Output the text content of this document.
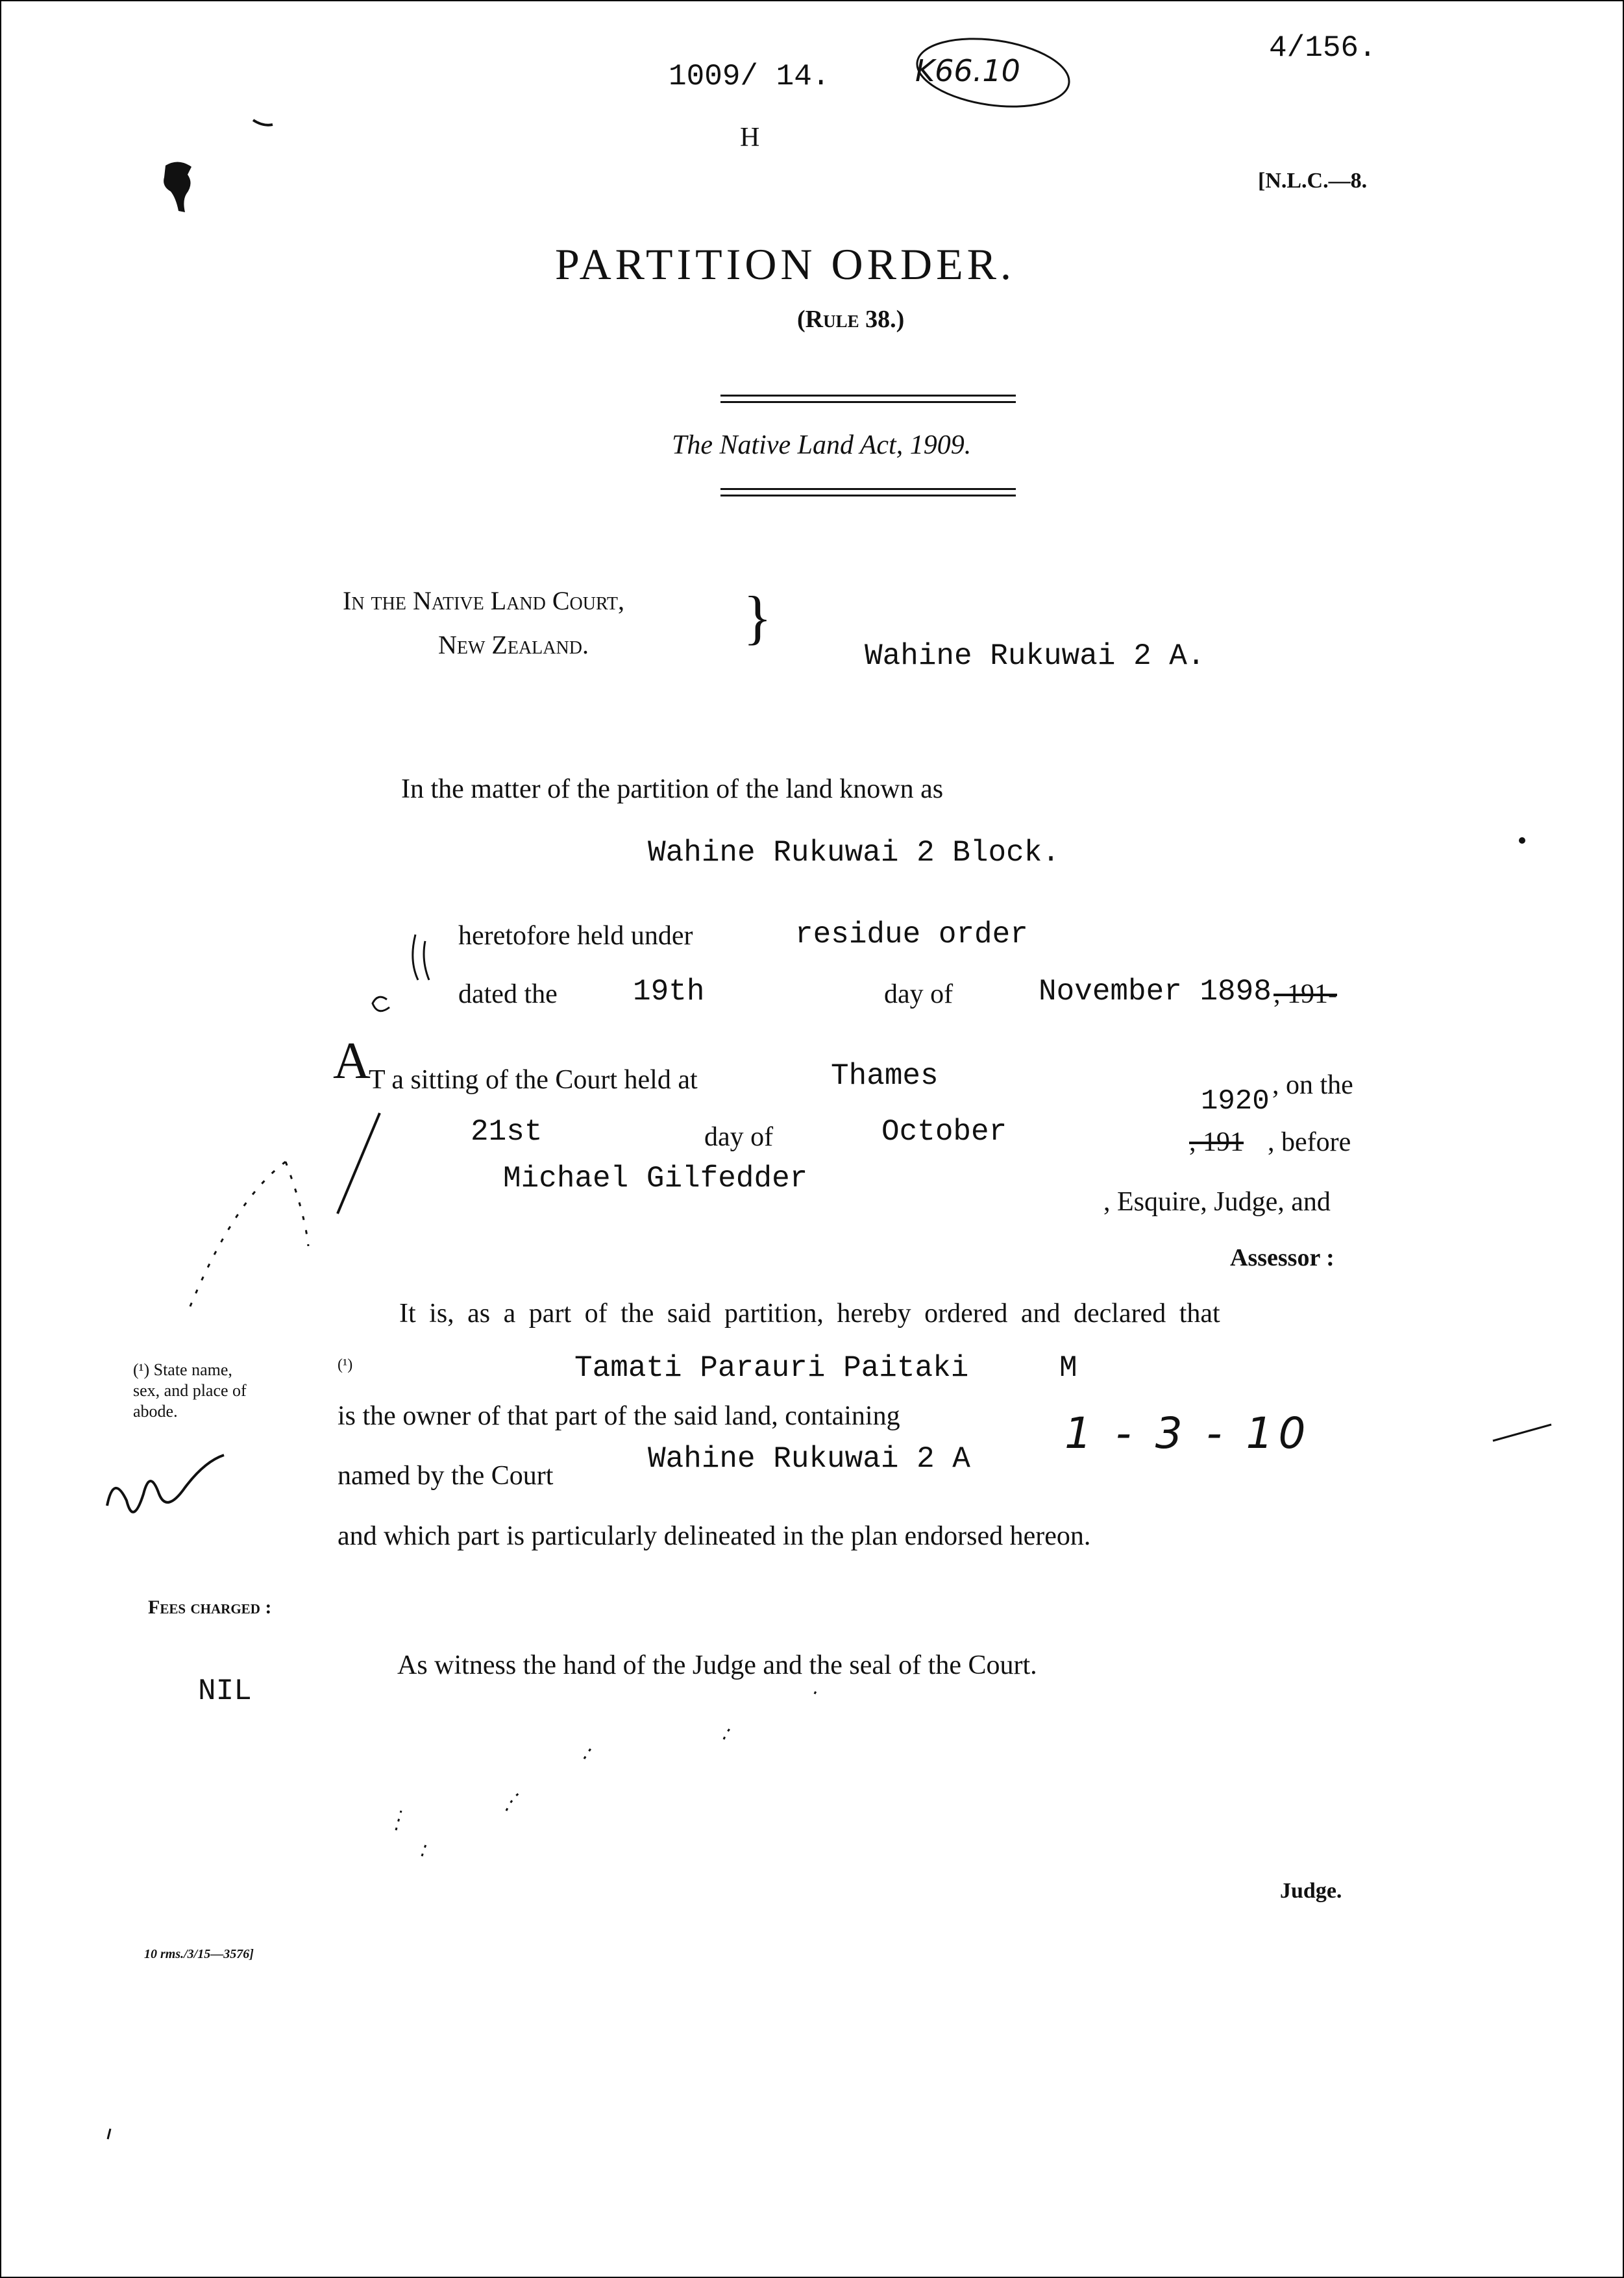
1009/ 14.
H
K66.10
4/156.
[N.L.C.—8.
PARTITION ORDER.
(Rule 38.)
The Native Land Act, 1909.
In the Native Land Court,
New Zealand.	}
Wahine Rukuwai 2 A.
In the matter of the partition of the land known as
Wahine Rukuwai 2 Block.
heretofore held under	residue order
dated the	19th	day of	November 1898 , 191-
A
T a sitting of the Court held at	Thames
1920 , on the
21st	day of	October	, 191 , before
Michael Gilfedder
, Esquire, Judge, and
Assessor :
It is, as a part of the said partition, hereby ordered and declared that
(¹) State name,
sex, and place of
abode.
(¹)	Tamati Parauri Paitaki	M
is the owner of that part of the said land, containing	1 - 3 - 10
named by the Court	Wahine Rukuwai 2 A
and which part is particularly delineated in the plan endorsed hereon.
Fees charged :
NIL
As witness the hand of the Judge and the seal of the Court.
Judge.
10 rms./3/15—3576]
